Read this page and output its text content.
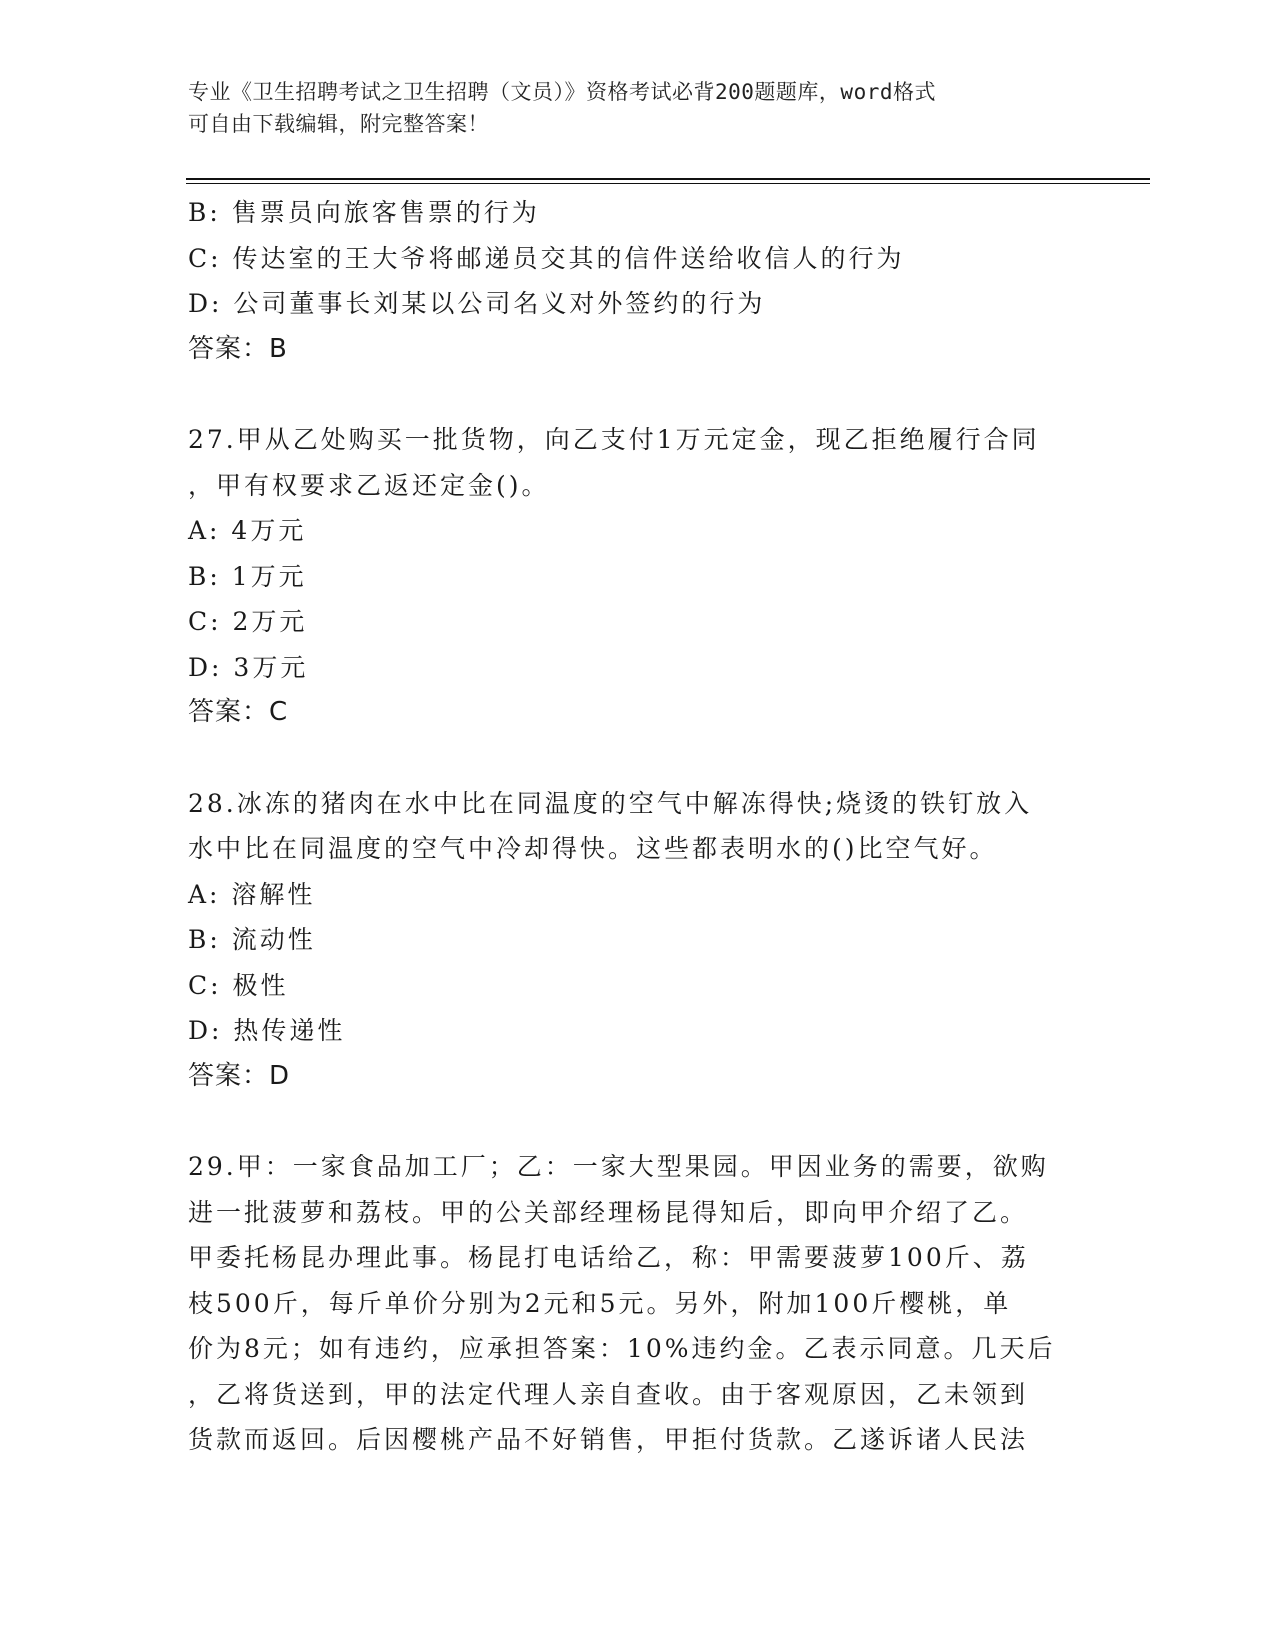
专业《卫生招聘考试之卫生招聘（文员）》资格考试必背200题题库，word格式
可自由下载编辑，附完整答案！
B: 售票员向旅客售票的行为
C: 传达室的王大爷将邮递员交其的信件送给收信人的行为
D: 公司董事长刘某以公司名义对外签约的行为
答案：B
27.甲从乙处购买一批货物，向乙支付1万元定金，现乙拒绝履行合同
，甲有权要求乙返还定金()。
A: 4万元
B: 1万元
C: 2万元
D: 3万元
答案：C
28.冰冻的猪肉在水中比在同温度的空气中解冻得快;烧烫的铁钉放入
水中比在同温度的空气中冷却得快。这些都表明水的()比空气好。
A: 溶解性
B: 流动性
C: 极性
D: 热传递性
答案：D
29.甲：一家食品加工厂；乙：一家大型果园。甲因业务的需要，欲购
进一批菠萝和荔枝。甲的公关部经理杨昆得知后，即向甲介绍了乙。
甲委托杨昆办理此事。杨昆打电话给乙，称：甲需要菠萝100斤、荔
枝500斤，每斤单价分别为2元和5元。另外，附加100斤樱桃，单
价为8元；如有违约，应承担答案：10%违约金。乙表示同意。几天后
，乙将货送到，甲的法定代理人亲自查收。由于客观原因，乙未领到
货款而返回。后因樱桃产品不好销售，甲拒付货款。乙遂诉诸人民法
